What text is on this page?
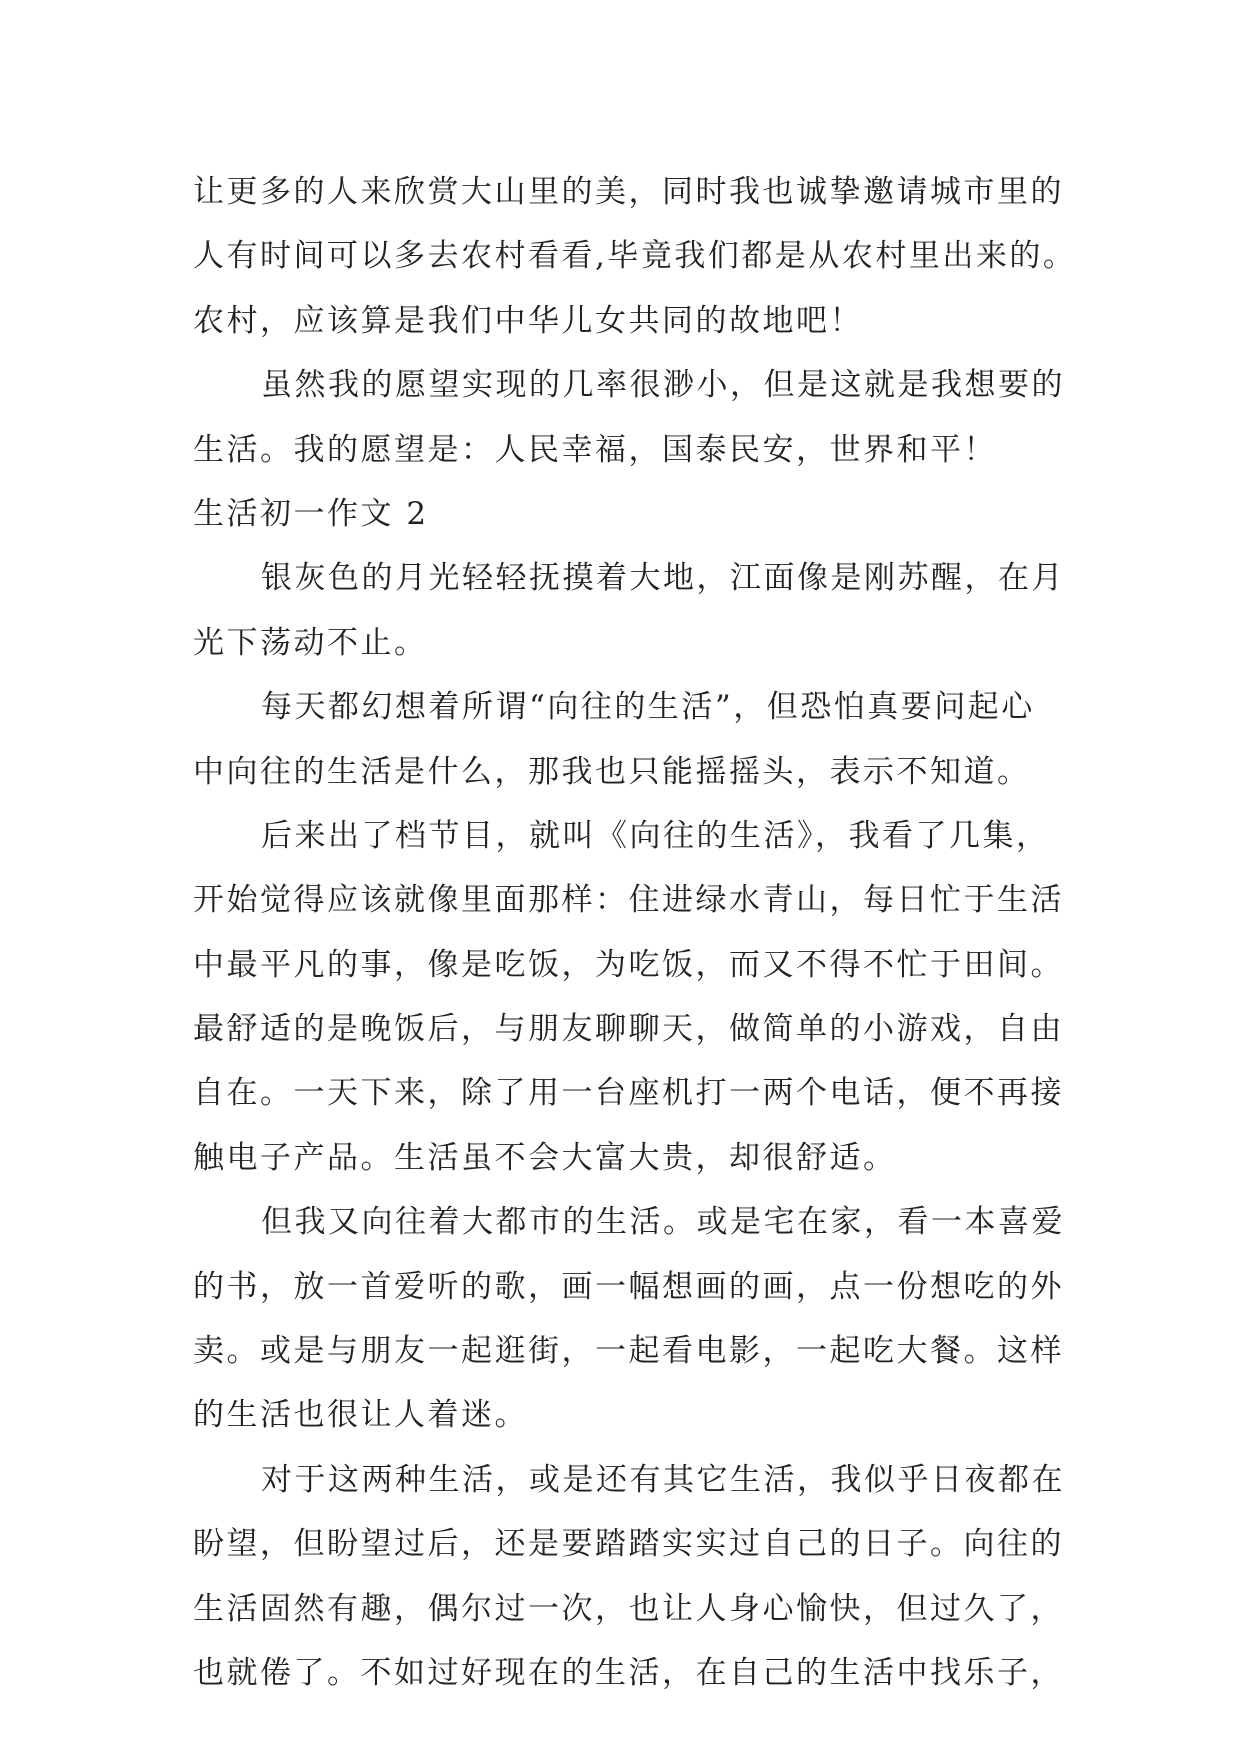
让更多的人来欣赏大山里的美，同时我也诚挚邀请城市里的
人有时间可以多去农村看看,毕竟我们都是从农村里出来的。
农村，应该算是我们中华儿女共同的故地吧！
虽然我的愿望实现的几率很渺小，但是这就是我想要的
生活。我的愿望是：人民幸福，国泰民安，世界和平！
生活初一作文 2
银灰色的月光轻轻抚摸着大地，江面像是刚苏醒，在月
光下荡动不止。
每天都幻想着所谓“向往的生活”，但恐怕真要问起心
中向往的生活是什么，那我也只能摇摇头，表示不知道。
后来出了档节目，就叫《向往的生活》，我看了几集，
开始觉得应该就像里面那样：住进绿水青山，每日忙于生活
中最平凡的事，像是吃饭，为吃饭，而又不得不忙于田间。
最舒适的是晚饭后，与朋友聊聊天，做简单的小游戏，自由
自在。一天下来，除了用一台座机打一两个电话，便不再接
触电子产品。生活虽不会大富大贵，却很舒适。
但我又向往着大都市的生活。或是宅在家，看一本喜爱
的书，放一首爱听的歌，画一幅想画的画，点一份想吃的外
卖。或是与朋友一起逛街，一起看电影，一起吃大餐。这样
的生活也很让人着迷。
对于这两种生活，或是还有其它生活，我似乎日夜都在
盼望，但盼望过后，还是要踏踏实实过自己的日子。向往的
生活固然有趣，偶尔过一次，也让人身心愉快，但过久了，
也就倦了。不如过好现在的生活，在自己的生活中找乐子，
